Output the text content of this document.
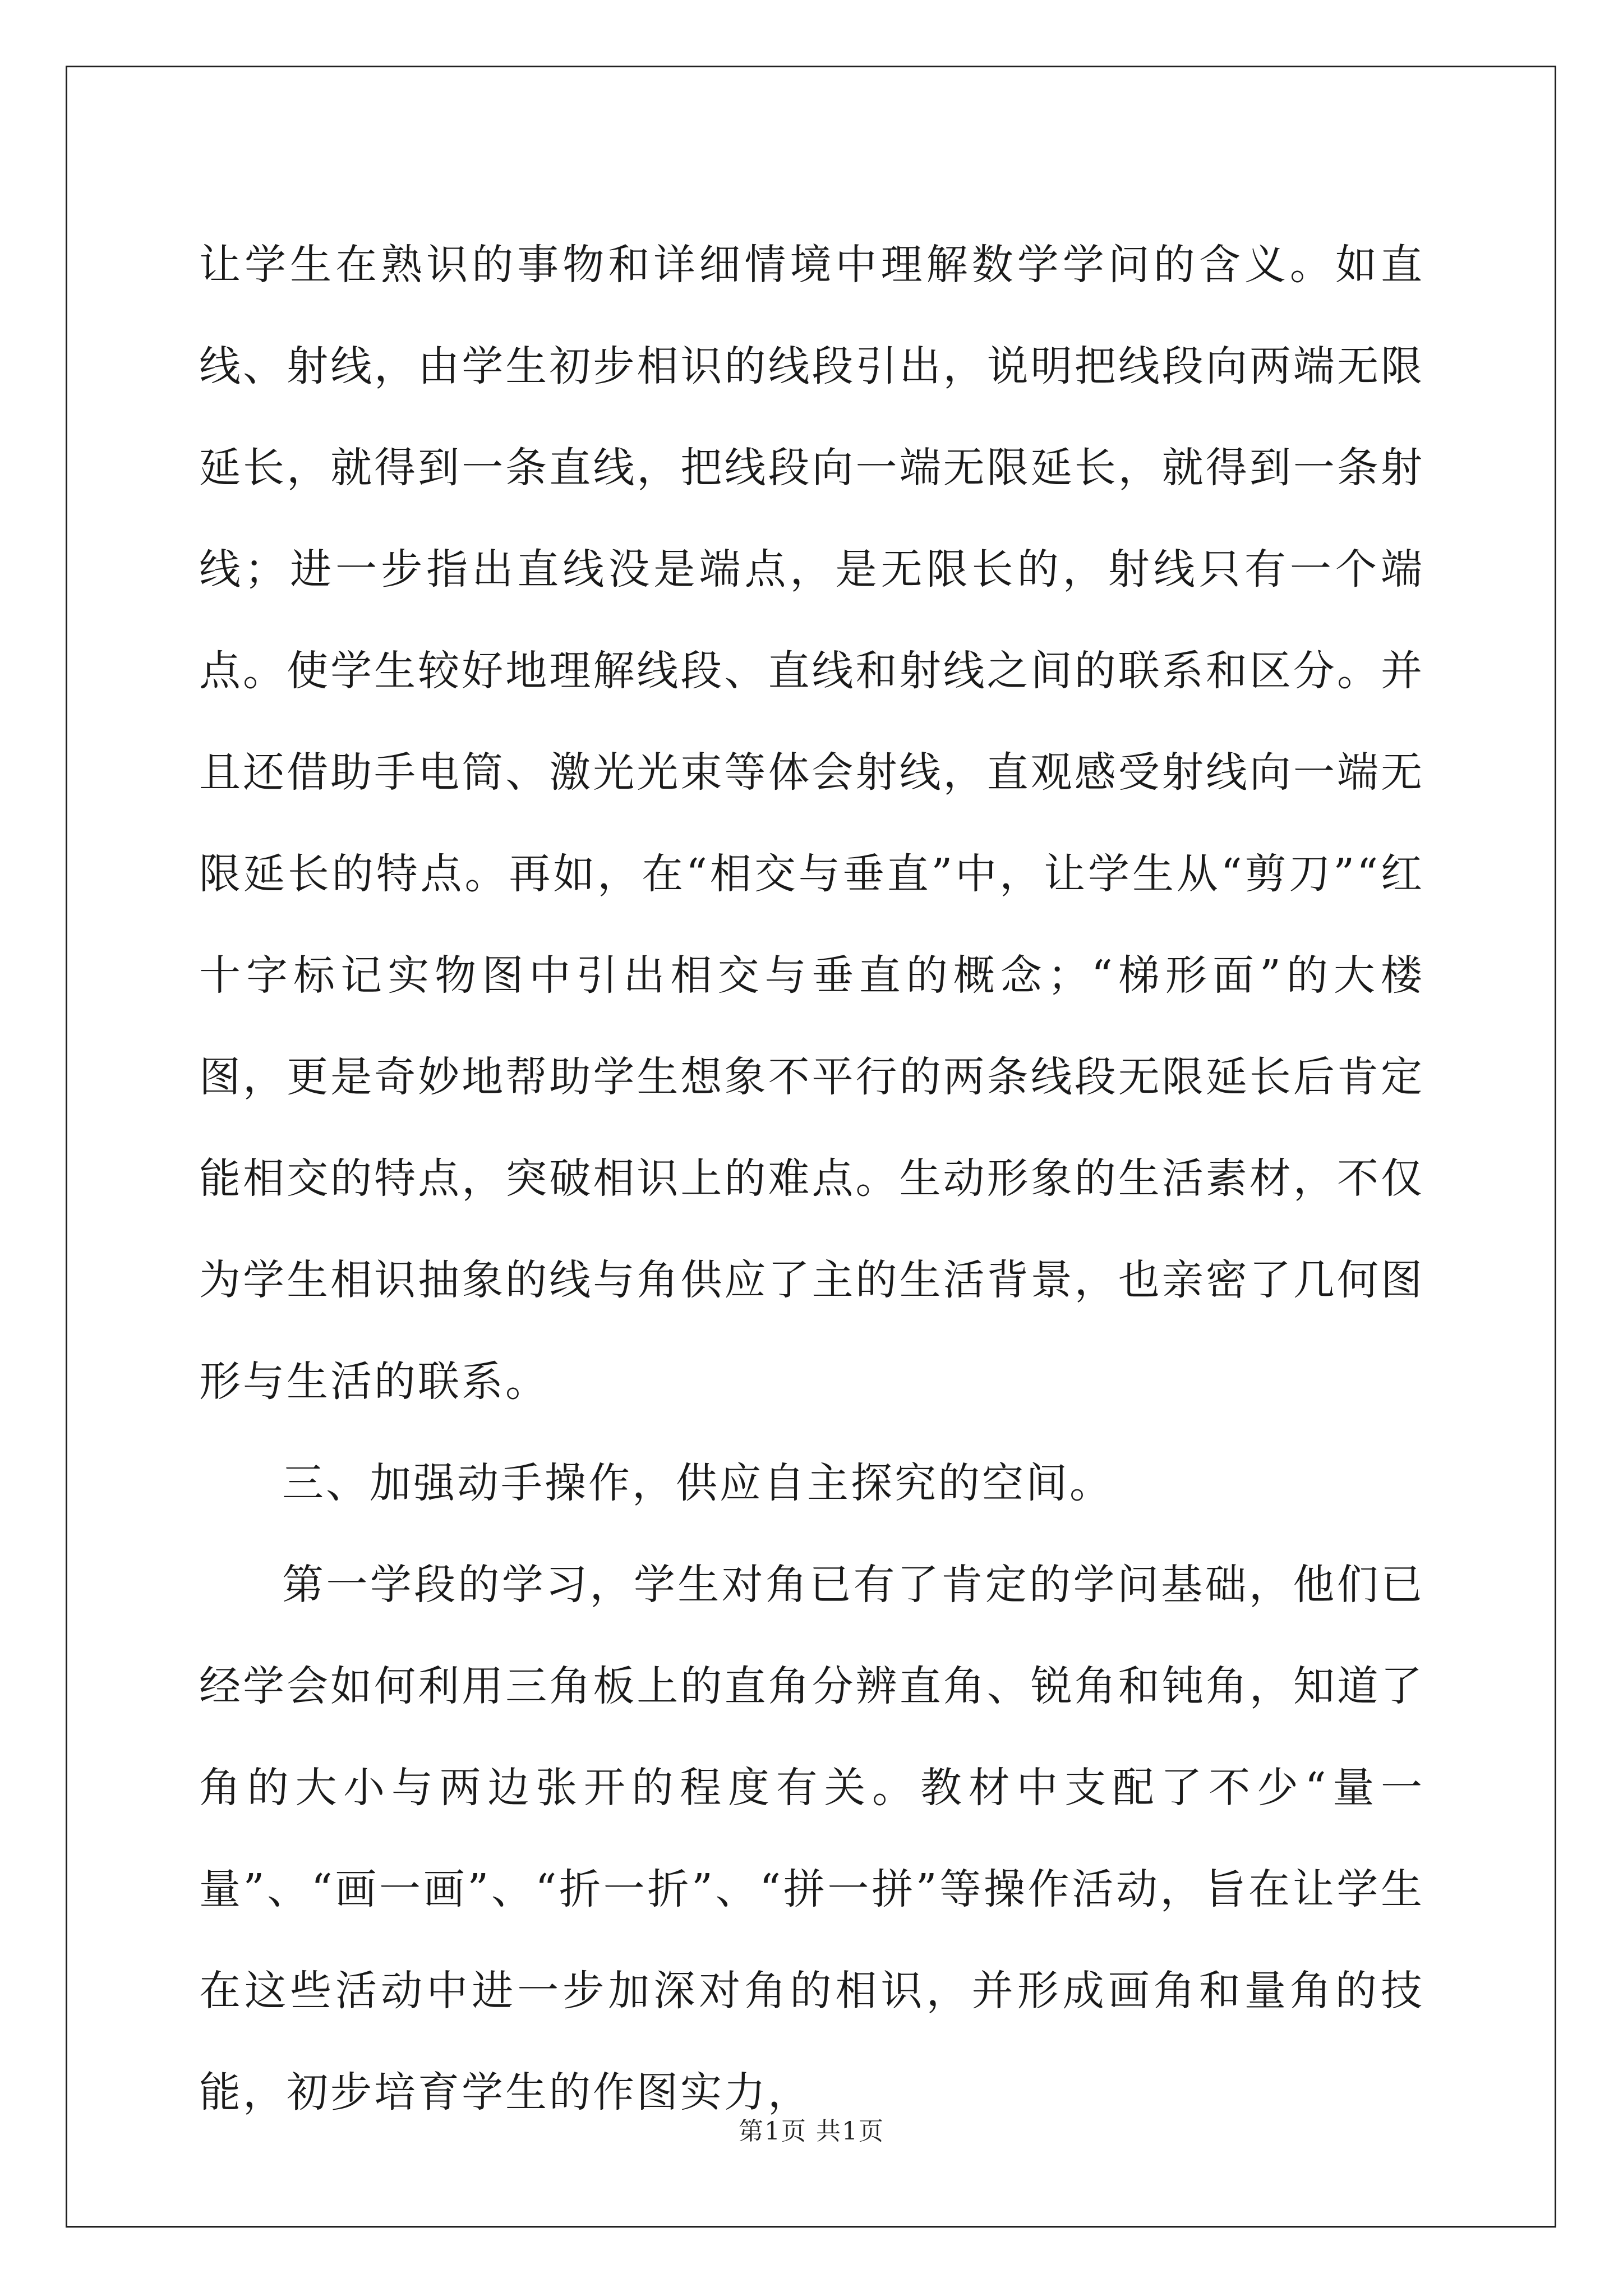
让学生在熟识的事物和详细情境中理解数学学问的含义。如直线、射线，由学生初步相识的线段引出，说明把线段向两端无限延长，就得到一条直线，把线段向一端无限延长，就得到一条射线；进一步指出直线没是端点，是无限长的，射线只有一个端点。使学生较好地理解线段、直线和射线之间的联系和区分。并且还借助手电筒、激光光束等体会射线，直观感受射线向一端无限延长的特点。再如，在“相交与垂直”中，让学生从“剪刀”“红十字标记实物图中引出相交与垂直的概念；“梯形面”的大楼图，更是奇妙地帮助学生想象不平行的两条线段无限延长后肯定能相交的特点，突破相识上的难点。生动形象的生活素材，不仅为学生相识抽象的线与角供应了主的生活背景，也亲密了几何图形与生活的联系。

三、加强动手操作，供应自主探究的空间。

第一学段的学习，学生对角已有了肯定的学问基础，他们已经学会如何利用三角板上的直角分辨直角、锐角和钝角，知道了角的大小与两边张开的程度有关。教材中支配了不少“量一量”、“画一画”、“折一折”、“拼一拼”等操作活动，旨在让学生在这些活动中进一步加深对角的相识，并形成画角和量角的技能，初步培育学生的作图实力，

第1页 共1页
